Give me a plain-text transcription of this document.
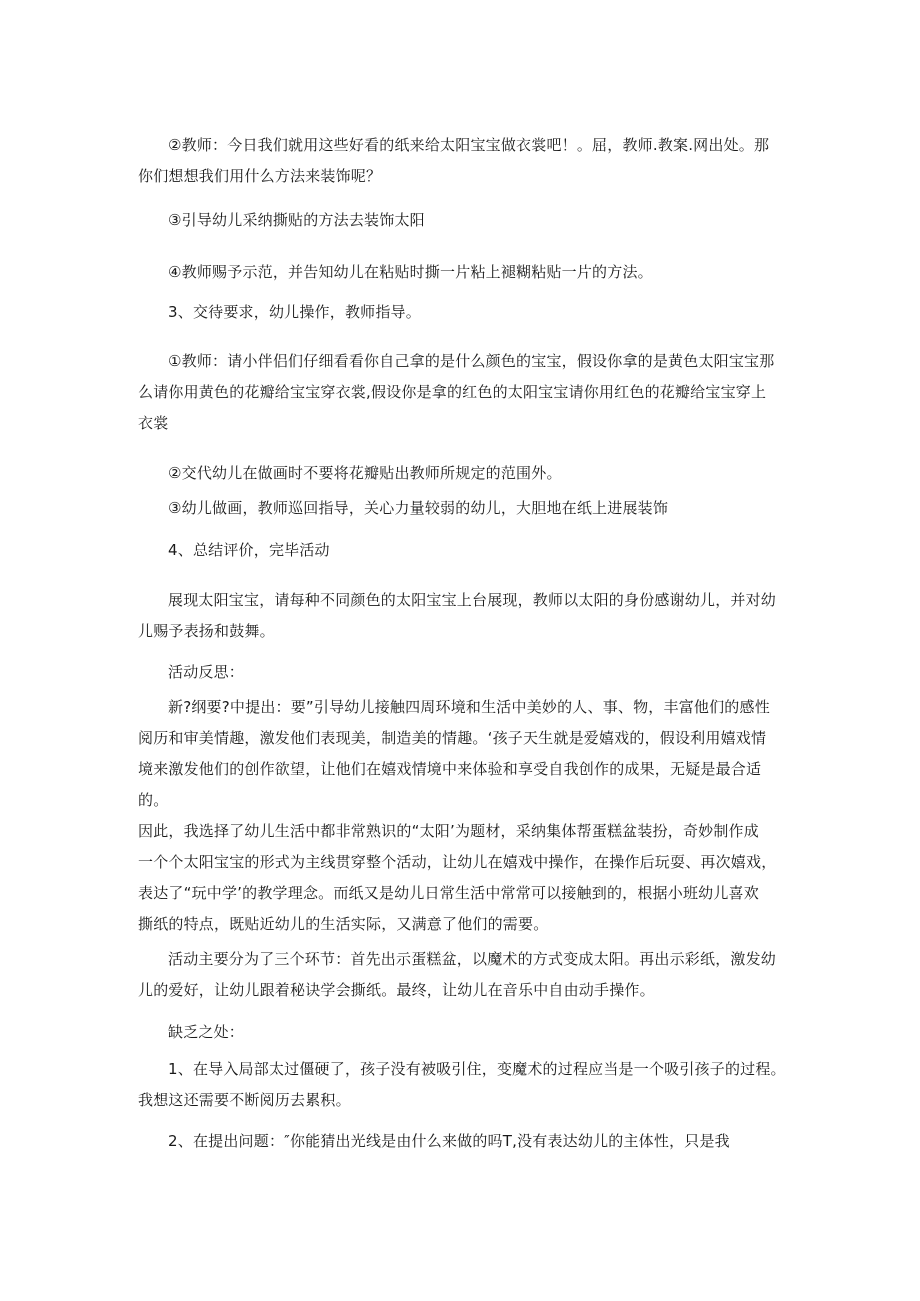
②教师：今日我们就用这些好看的纸来给太阳宝宝做衣裳吧！。屈，教师.教案.网出处。那
你们想想我们用什么方法来装饰呢？

③引导幼儿采纳撕贴的方法去装饰太阳

④教师赐予示范，并告知幼儿在粘贴时撕一片粘上褪糊粘贴一片的方法。

3、交待要求，幼儿操作，教师指导。

①教师：请小伴侣们仔细看看你自己拿的是什么颜色的宝宝，假设你拿的是黄色太阳宝宝那
么请你用黄色的花瓣给宝宝穿衣裳,假设你是拿的红色的太阳宝宝请你用红色的花瓣给宝宝穿上
衣裳

②交代幼儿在做画时不要将花瓣贴出教师所规定的范围外。

③幼儿做画，教师巡回指导，关心力量较弱的幼儿，大胆地在纸上进展装饰

4、总结评价，完毕活动

展现太阳宝宝，请每种不同颜色的太阳宝宝上台展现，教师以太阳的身份感谢幼儿，并对幼
儿赐予表扬和鼓舞。

活动反思：

新?纲要?中提出：要”引导幼儿接触四周环境和生活中美妙的人、事、物，丰富他们的感性
阅历和审美情趣，激发他们表现美，制造美的情趣。‘孩子天生就是爱嬉戏的，假设利用嬉戏情
境来激发他们的创作欲望，让他们在嬉戏情境中来体验和享受自我创作的成果，无疑是最合适的。
因此，我选择了幼儿生活中都非常熟识的“太阳’为题材，采纳集体帮蛋糕盆装扮，奇妙制作成
一个个太阳宝宝的形式为主线贯穿整个活动，让幼儿在嬉戏中操作，在操作后玩耍、再次嬉戏，
表达了“玩中学’的教学理念。而纸又是幼儿日常生活中常常可以接触到的，根据小班幼儿喜欢
撕纸的特点，既贴近幼儿的生活实际，又满意了他们的需要。

活动主要分为了三个环节：首先出示蛋糕盆，以魔术的方式变成太阳。再出示彩纸，激发幼
儿的爱好，让幼儿跟着秘诀学会撕纸。最终，让幼儿在音乐中自由动手操作。

缺乏之处：

1、在导入局部太过僵硬了，孩子没有被吸引住，变魔术的过程应当是一个吸引孩子的过程。
我想这还需要不断阅历去累积。

2、在提出问题：″你能猜出光线是由什么来做的吗T,没有表达幼儿的主体性，只是我
